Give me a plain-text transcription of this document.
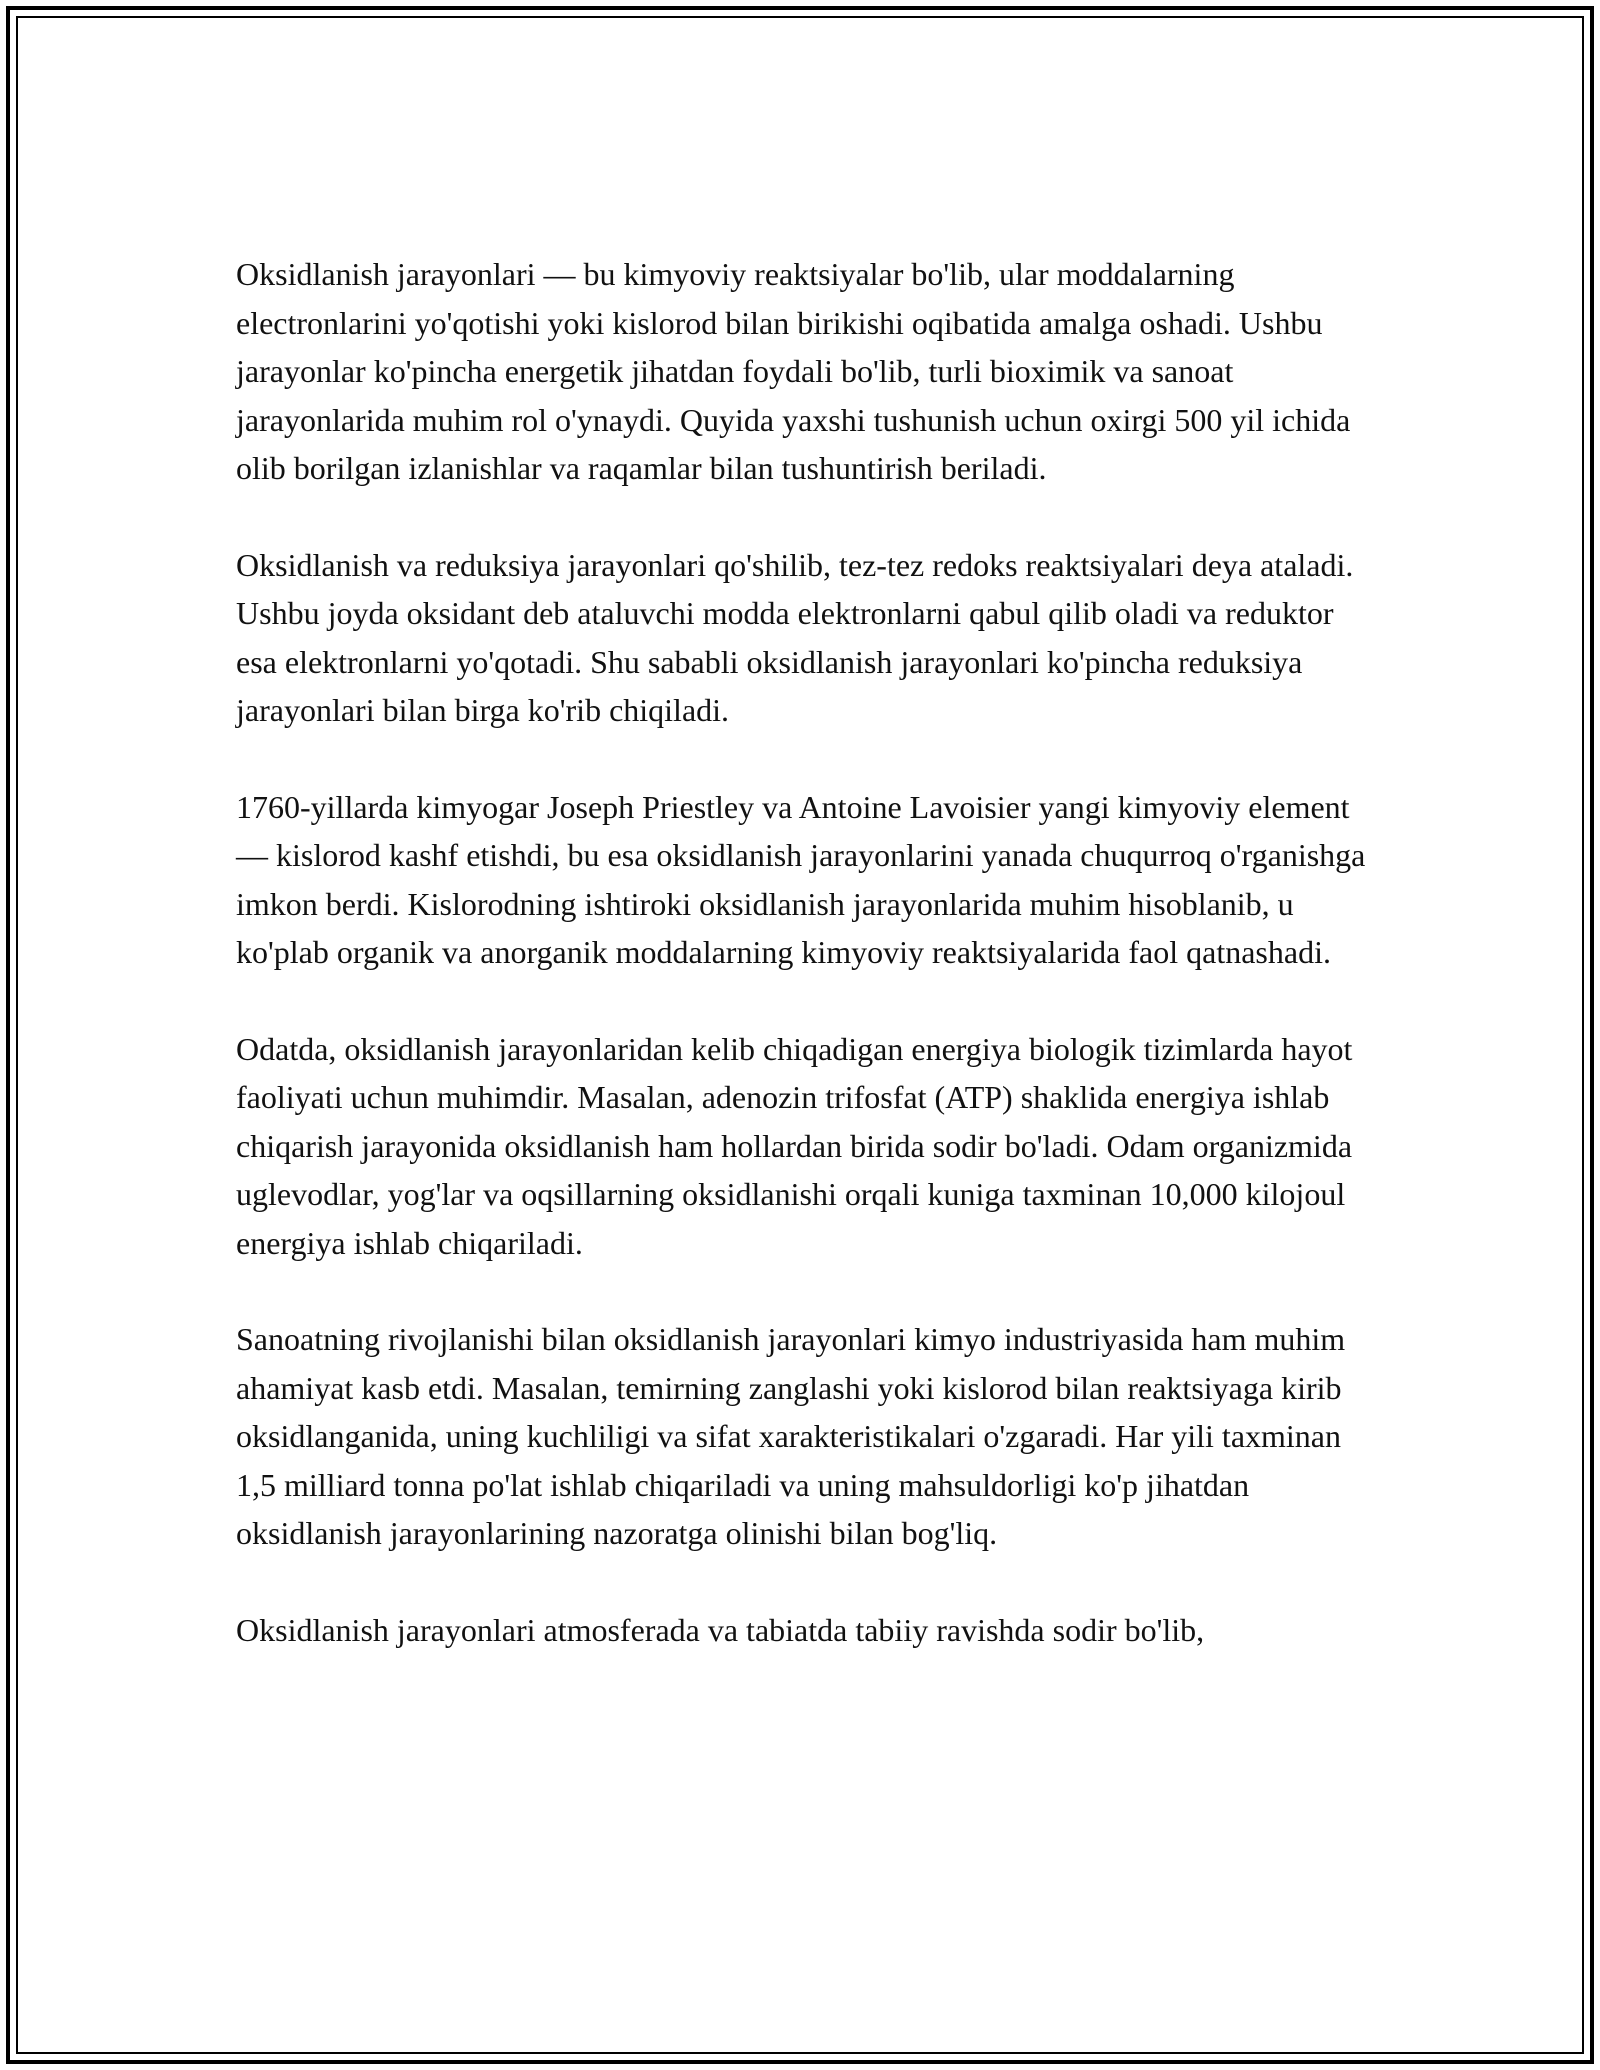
Oksidlanish jarayonlari — bu kimyoviy reaktsiyalar bo'lib, ular moddalarning electronlarini yo'qotishi yoki kislorod bilan birikishi oqibatida amalga oshadi. Ushbu jarayonlar ko'pincha energetik jihatdan foydali bo'lib, turli bioximik va sanoat jarayonlarida muhim rol o'ynaydi. Quyida yaxshi tushunish uchun oxirgi 500 yil ichida olib borilgan izlanishlar va raqamlar bilan tushuntirish beriladi.

Oksidlanish va reduksiya jarayonlari qo'shilib, tez-tez redoks reaktsiyalari deya ataladi. Ushbu joyda oksidant deb ataluvchi modda elektronlarni qabul qilib oladi va reduktor esa elektronlarni yo'qotadi. Shu sababli oksidlanish jarayonlari ko'pincha reduksiya jarayonlari bilan birga ko'rib chiqiladi.

1760-yillarda kimyogar Joseph Priestley va Antoine Lavoisier yangi kimyoviy element — kislorod kashf etishdi, bu esa oksidlanish jarayonlarini yanada chuqurroq o'rganishga imkon berdi. Kislorodning ishtiroki oksidlanish jarayonlarida muhim hisoblanib, u ko'plab organik va anorganik moddalarning kimyoviy reaktsiyalarida faol qatnashadi.

Odatda, oksidlanish jarayonlaridan kelib chiqadigan energiya biologik tizimlarda hayot faoliyati uchun muhimdir. Masalan, adenozin trifosfat (ATP) shaklida energiya ishlab chiqarish jarayonida oksidlanish ham hollardan birida sodir bo'ladi. Odam organizmida uglevodlar, yog'lar va oqsillarning oksidlanishi orqali kuniga taxminan 10,000 kilojoul energiya ishlab chiqariladi.

Sanoatning rivojlanishi bilan oksidlanish jarayonlari kimyo industriyasida ham muhim ahamiyat kasb etdi. Masalan, temirning zanglashi yoki kislorod bilan reaktsiyaga kirib oksidlanganida, uning kuchliligi va sifat xarakteristikalari o'zgaradi. Har yili taxminan 1,5 milliard tonna po'lat ishlab chiqariladi va uning mahsuldorligi ko'p jihatdan oksidlanish jarayonlarining nazoratga olinishi bilan bog'liq.

Oksidlanish jarayonlari atmosferada va tabiatda tabiiy ravishda sodir bo'lib,
